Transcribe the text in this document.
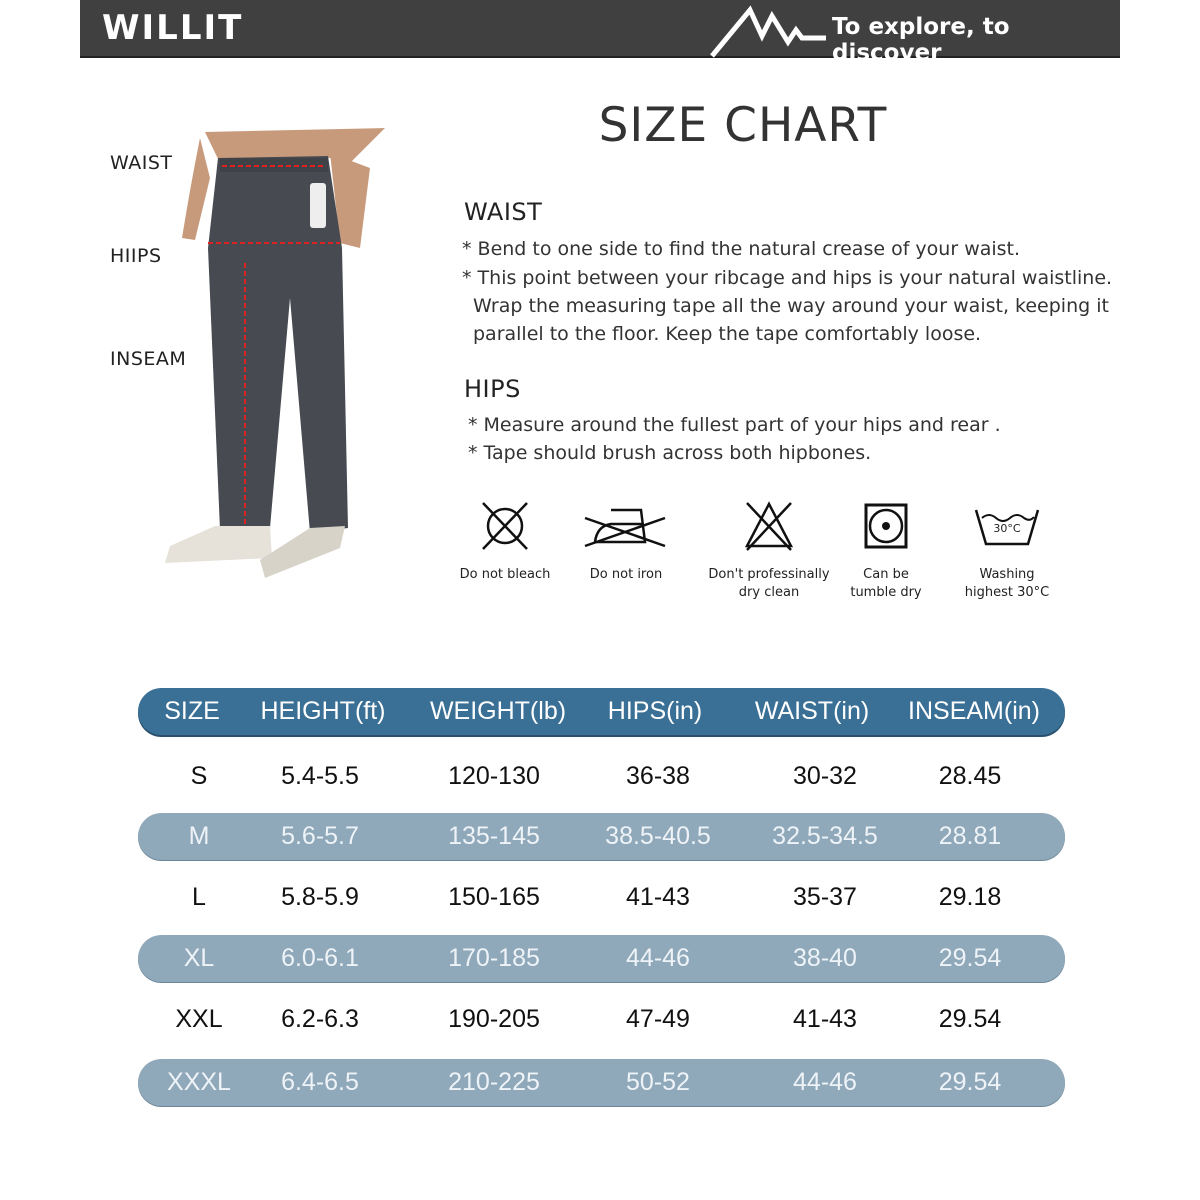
WILLIT	To explore, to discover
WAIST
HIIPS
INSEAM
SIZE CHART
WAIST
* Bend to one side to find the natural crease of your waist.
* This point between your ribcage and hips is your natural waistline.
Wrap the measuring tape all the way around your waist, keeping it
parallel to the floor. Keep the tape comfortably loose.
HIPS
* Measure around the fullest part of your hips and rear .
* Tape should brush across both hipbones.
Do not bleach	Do not iron	Don't professinally
dry clean
Can be
tumble dry
30°C
Washing
highest 30°C
SIZE HEIGHT(ft) WEIGHT(lb) HIPS(in) WAIST(in) INSEAM(in)
S	5.4-5.5	120-130	36-38	30-32	28.45
M	5.6-5.7	135-145	38.5-40.5 32.5-34.5 28.81
L	5.8-5.9	150-165	41-43	35-37	29.18
XL	6.0-6.1	170-185	44-46	38-40	29.54
XXL 6.2-6.3	190-205	47-49	41-43	29.54
XXXL 6.4-6.5	210-225	50-52	44-46	29.54
